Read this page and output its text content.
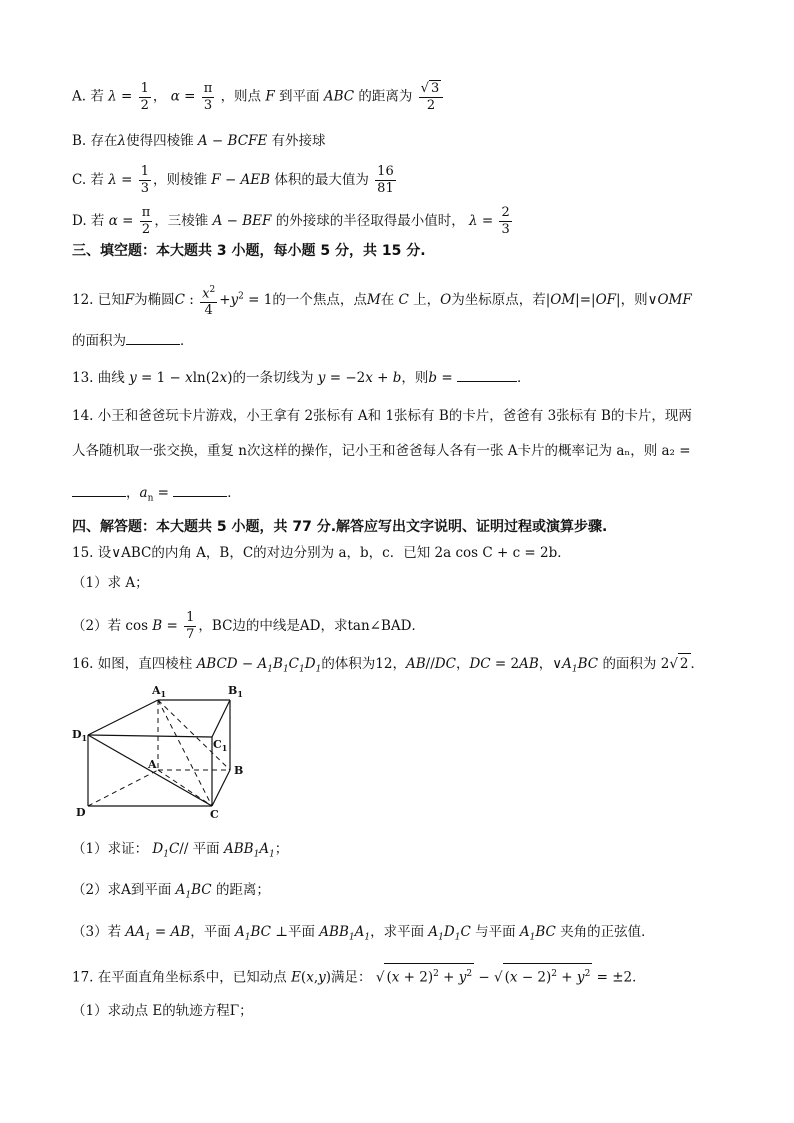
A. 若 $\lambda = \frac{1}{2}$ ， $\alpha = \frac{\pi}{3}$ ，则点 F 到平面 ABC 的距离为 $\frac{√ 3}{2}$
B. 存在λ使得四棱锥 A − BCFE 有外接球
C. 若 $\lambda = \frac{1}{3}$ ，则棱锥 F − AEB 体积的最大值为 $\frac{16}{81}$
D. 若 $\alpha = \frac{\pi}{2}$ ，三棱锥 A − BEF 的外接球的半径取得最小值时， $\lambda = \frac{2}{3}$
三、填空题：本大题共 3 小题，每小题 5 分，共 15 分.
12. 已知F为椭圆C : $\frac{x^2}{4} +y^2 = 1$的一个焦点，点M在 C 上，O为坐标原点，若|OM|=|OF|，则∨OMF
的面积为	．
13. 曲线 y = 1 − xln(2x)的一条切线为 y = −2x + b，则b =	．
14. 小王和爸爸玩卡片游戏，小王拿有 2张标有 A和 1张标有 B的卡片，爸爸有 3张标有 B的卡片，现两
人各随机取一张交换，重复 n次这样的操作，记小王和爸爸每人各有一张 A卡片的概率记为 aₙ，则 a₂ =
，$a_n$ =	．
四、解答题：本大题共 5 小题，共 77 分.解答应写出文字说明、证明过程或演算步骤.
15. 设∨ABC的内角 A，B，C的对边分别为 a，b，c．已知 2a cos C + c = 2b．
（1）求 A；
（2）若 $\cos B = \frac{1}{7}$ ，BC边的中线是AD，求tan∠BAD．
16. 如图，直四棱柱 ABCD − $A_1B_1C_1D_1$的体积为12，AB//DC，DC = 2AB，$\vee A_1BC$ 的面积为 2√ 2 ．
$A_1$	$B_1$
$D_1$	$C_1$
A	B
D	C
（1）求证： $D_1C//$ 平面 $ABB_1A_1$；
（2）求A到平面 $A_1BC$ 的距离；
（3）若 $AA_1$ = AB，平面 $A_1BC$ ⊥平面 $ABB_1A_1$，求平面 $A_1D_1C$ 与平面 $A_1BC$ 夹角的正弦值．
17. 在平面直角坐标系中，已知动点 E(x,y)满足： √ $(x + 2)^2 + y^2$ − √ $(x - 2)^2 + y^2 = \pm 2$．
（1）求动点 E的轨迹方程Γ；
